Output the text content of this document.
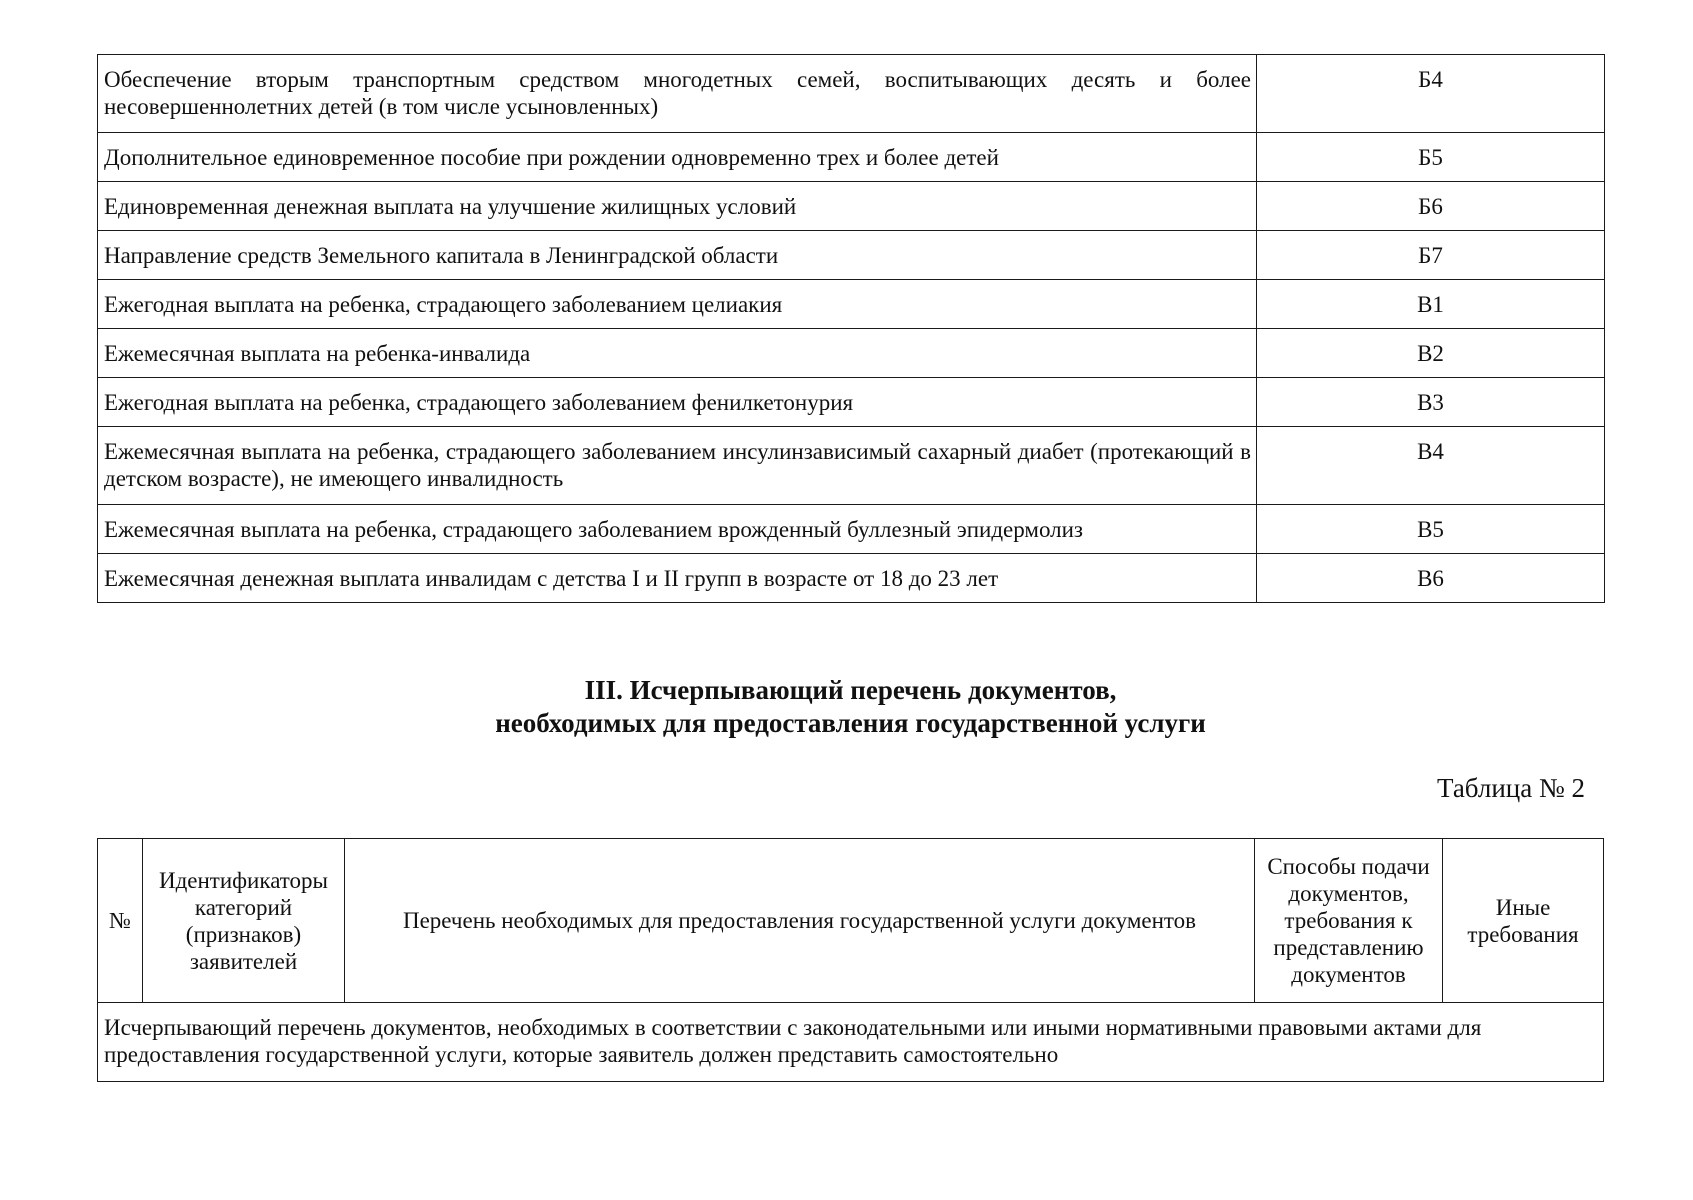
Обеспечение вторым транспортным средством многодетных семей, воспитывающих десять и более несовершеннолетних детей (в том числе усыновленных)	Б4
Дополнительное единовременное пособие при рождении одновременно трех и более детей	Б5
Единовременная денежная выплата на улучшение жилищных условий	Б6
Направление средств Земельного капитала в Ленинградской области	Б7
Ежегодная выплата на ребенка, страдающего заболеванием целиакия	В1
Ежемесячная выплата на ребенка-инвалида	В2
Ежегодная выплата на ребенка, страдающего заболеванием фенилкетонурия	В3
Ежемесячная выплата на ребенка, страдающего заболеванием инсулинзависимый сахарный диабет (протекающий в детском возрасте), не имеющего инвалидность	В4
Ежемесячная выплата на ребенка, страдающего заболеванием врожденный буллезный эпидермолиз	В5
Ежемесячная денежная выплата инвалидам с детства I и II групп в возрасте от 18 до 23 лет	В6
III. Исчерпывающий перечень документов,
необходимых для предоставления государственной услуги
Таблица № 2
№	Идентификаторы категорий (признаков) заявителей	Перечень необходимых для предоставления государственной услуги документов	Способы подачи документов, требования к представлению документов	Иные требования
Исчерпывающий перечень документов, необходимых в соответствии с законодательными или иными нормативными правовыми актами для предоставления государственной услуги, которые заявитель должен представить самостоятельно
